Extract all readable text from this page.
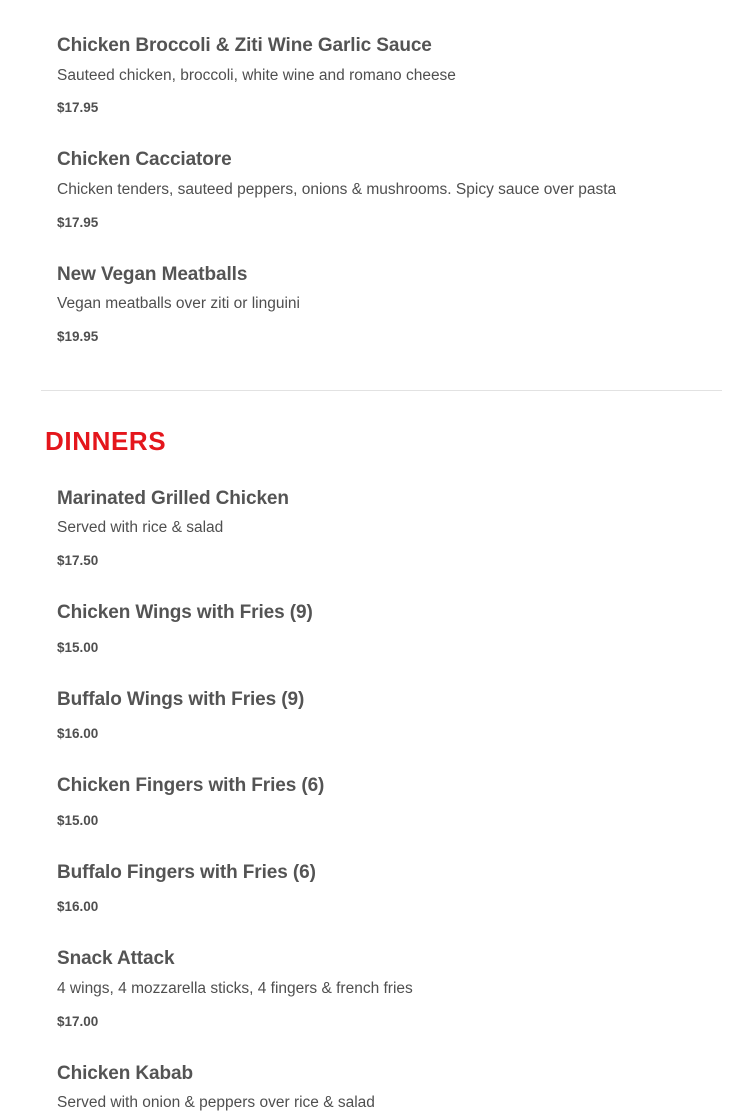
Chicken Broccoli & Ziti Wine Garlic Sauce
Sauteed chicken, broccoli, white wine and romano cheese
$17.95
Chicken Cacciatore
Chicken tenders, sauteed peppers, onions & mushrooms. Spicy sauce over pasta
$17.95
New Vegan Meatballs
Vegan meatballs over ziti or linguini
$19.95
DINNERS
Marinated Grilled Chicken
Served with rice & salad
$17.50
Chicken Wings with Fries (9)
$15.00
Buffalo Wings with Fries (9)
$16.00
Chicken Fingers with Fries (6)
$15.00
Buffalo Fingers with Fries (6)
$16.00
Snack Attack
4 wings, 4 mozzarella sticks, 4 fingers & french fries
$17.00
Chicken Kabab
Served with onion & peppers over rice & salad
